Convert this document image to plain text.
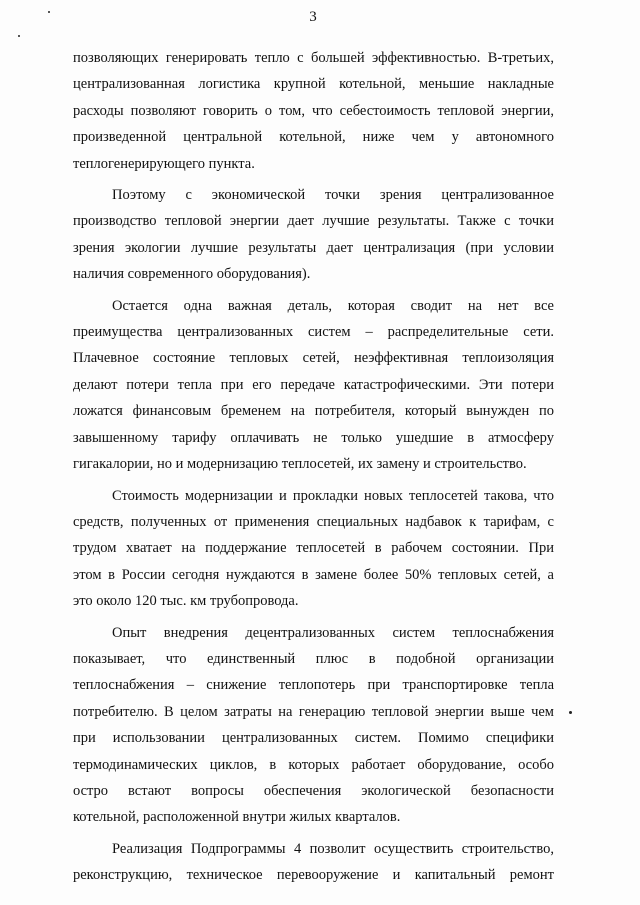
3
позволяющих генерировать тепло с большей эффективностью. В-третьих,
централизованная логистика крупной котельной, меньшие накладные
расходы позволяют говорить о том, что себестоимость тепловой энергии,
произведенной центральной котельной, ниже чем у автономного
теплогенерирующего пункта.
Поэтому с экономической точки зрения централизованное
производство тепловой энергии дает лучшие результаты. Также с точки
зрения экологии лучшие результаты дает централизация (при условии
наличия современного оборудования).
Остается одна важная деталь, которая сводит на нет все
преимущества централизованных систем – распределительные сети.
Плачевное состояние тепловых сетей, неэффективная теплоизоляция
делают потери тепла при его передаче катастрофическими. Эти потери
ложатся финансовым бременем на потребителя, который вынужден по
завышенному тарифу оплачивать не только ушедшие в атмосферу
гигакалории, но и модернизацию теплосетей, их замену и строительство.
Стоимость модернизации и прокладки новых теплосетей такова, что
средств, полученных от применения специальных надбавок к тарифам, с
трудом хватает на поддержание теплосетей в рабочем состоянии. При
этом в России сегодня нуждаются в замене более 50% тепловых сетей, а
это около 120 тыс. км трубопровода.
Опыт внедрения децентрализованных систем теплоснабжения
показывает, что единственный плюс в подобной организации
теплоснабжения – снижение теплопотерь при транспортировке тепла
потребителю. В целом затраты на генерацию тепловой энергии выше чем
при использовании централизованных систем. Помимо специфики
термодинамических циклов, в которых работает оборудование, особо
остро встают вопросы обеспечения экологической безопасности
котельной, расположенной внутри жилых кварталов.
Реализация Подпрограммы 4 позволит осуществить строительство,
реконструкцию, техническое перевооружение и капитальный ремонт
